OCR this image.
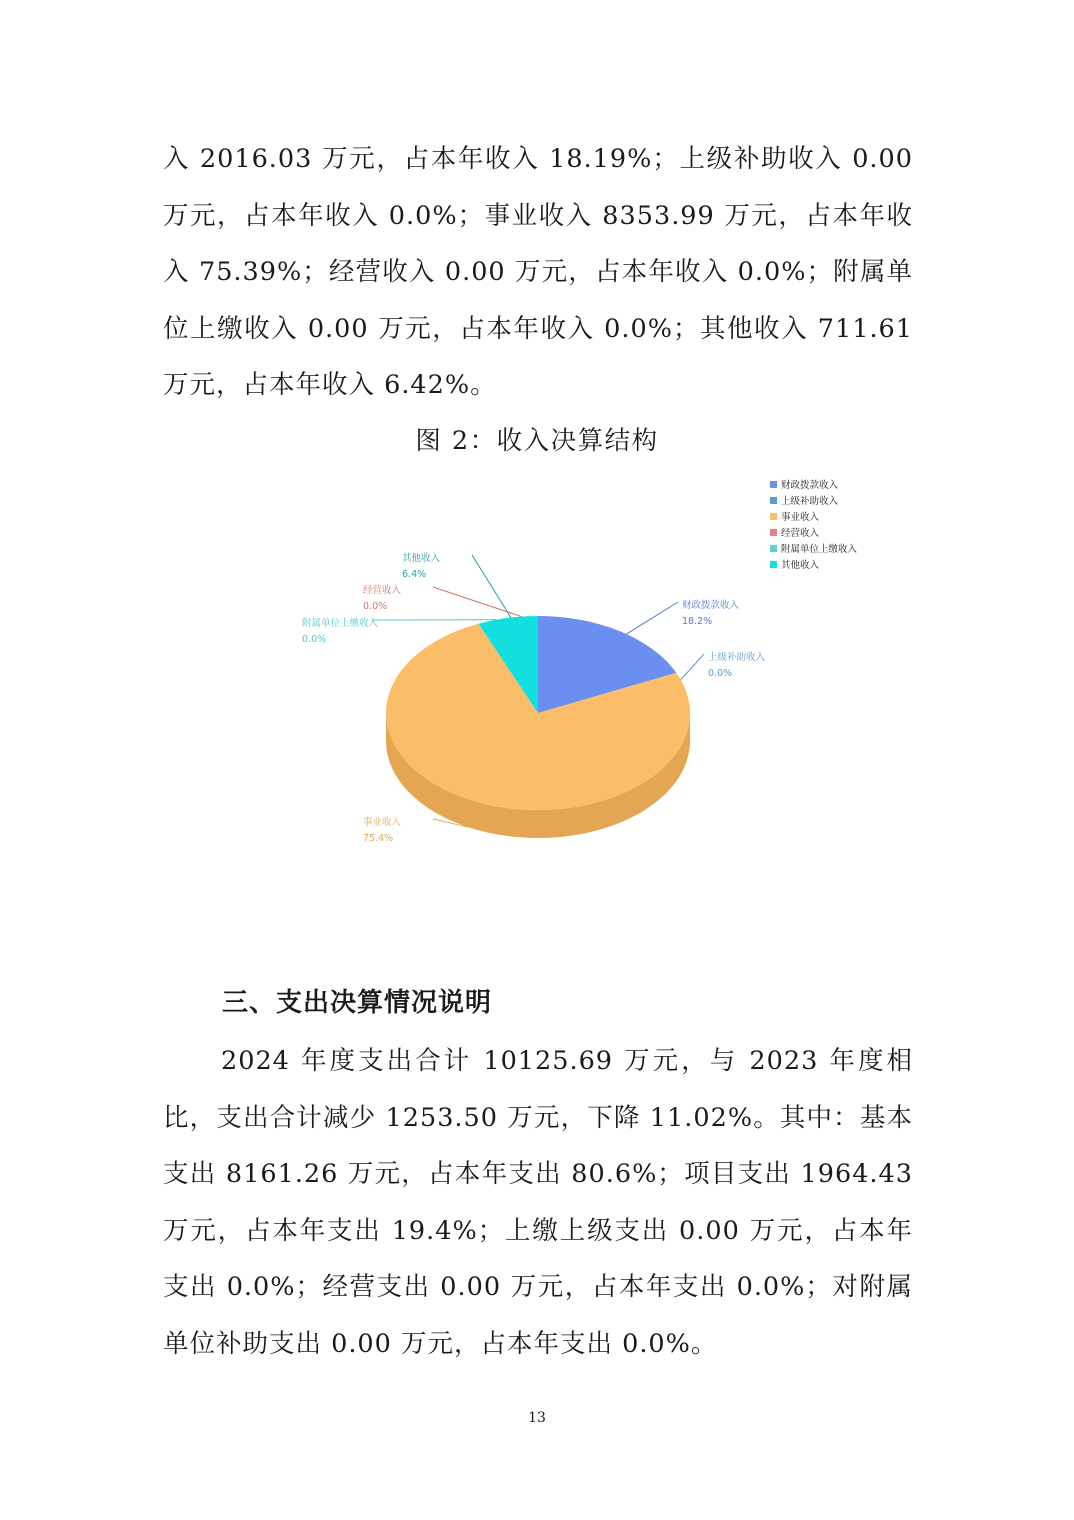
入 2016.03 万元，占本年收入 18.19%；上级补助收入 0.00 万元，占本年收入 0.0%；事业收入 8353.99 万元，占本年收入 75.39%；经营收入 0.00 万元，占本年收入 0.0%；附属单位上缴收入 0.00 万元，占本年收入 0.0%；其他收入 711.61 万元，占本年收入 6.42%。

图 2：收入决算结构
财政拨款收入
18.2%
上级补助收入
0.0%
事业收入
75.4%
经营收入
0.0%
附属单位上缴收入
0.0%
其他收入
6.4%
财政拨款收入
上级补助收入
事业收入
经营收入
附属单位上缴收入
其他收入
三、支出决算情况说明

2024 年度支出合计 10125.69 万元，与 2023 年度相比，支出合计减少 1253.50 万元，下降 11.02%。其中：基本支出 8161.26 万元，占本年支出 80.6%；项目支出 1964.43 万元，占本年支出 19.4%；上缴上级支出 0.00 万元，占本年支出 0.0%；经营支出 0.00 万元，占本年支出 0.0%；对附属单位补助支出 0.00 万元，占本年支出 0.0%。

13
